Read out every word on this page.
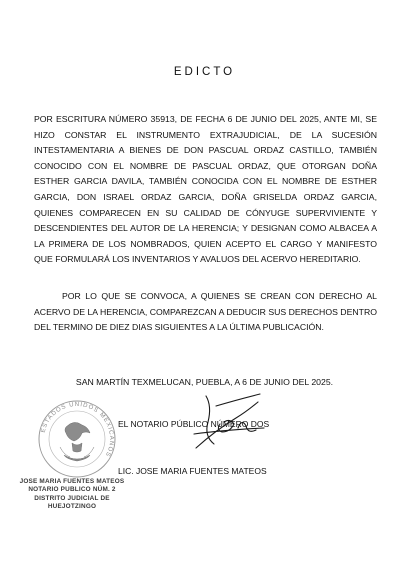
EDICTO
POR ESCRITURA NÚMERO 35913, DE FECHA 6 DE JUNIO DEL 2025, ANTE MI, SE HIZO CONSTAR EL INSTRUMENTO EXTRAJUDICIAL, DE LA SUCESIÓN INTESTAMENTARIA A BIENES DE DON PASCUAL ORDAZ CASTILLO, TAMBIÉN CONOCIDO CON EL NOMBRE DE PASCUAL ORDAZ, QUE OTORGAN DOÑA ESTHER GARCIA DAVILA, TAMBIÉN CONOCIDA CON EL NOMBRE DE ESTHER GARCIA, DON ISRAEL ORDAZ GARCIA, DOÑA GRISELDA ORDAZ GARCIA, QUIENES COMPARECEN EN SU CALIDAD DE CÓNYUGE SUPERVIVIENTE Y DESCENDIENTES DEL AUTOR DE LA HERENCIA; Y DESIGNAN COMO ALBACEA A LA PRIMERA DE LOS NOMBRADOS, QUIEN ACEPTO EL CARGO Y MANIFESTO QUE FORMULARÁ LOS INVENTARIOS Y AVALUOS DEL ACERVO HEREDITARIO.
POR LO QUE SE CONVOCA, A QUIENES SE CREAN CON DERECHO AL ACERVO DE LA HERENCIA, COMPAREZCAN A DEDUCIR SUS DERECHOS DENTRO DEL TERMINO DE DIEZ DIAS SIGUIENTES A LA ÚLTIMA PUBLICACIÓN.
SAN MARTÍN TEXMELUCAN, PUEBLA, A 6 DE JUNIO DEL 2025.
ESTADOS UNIDOS MEXICANOS
EL NOTARIO PÚBLICO NÚMERO DOS
LIC. JOSE MARIA FUENTES MATEOS
JOSE MARIA FUENTES MATEOS
NOTARIO PUBLICO NÚM. 2
DISTRITO JUDICIAL DE HUEJOTZINGO
